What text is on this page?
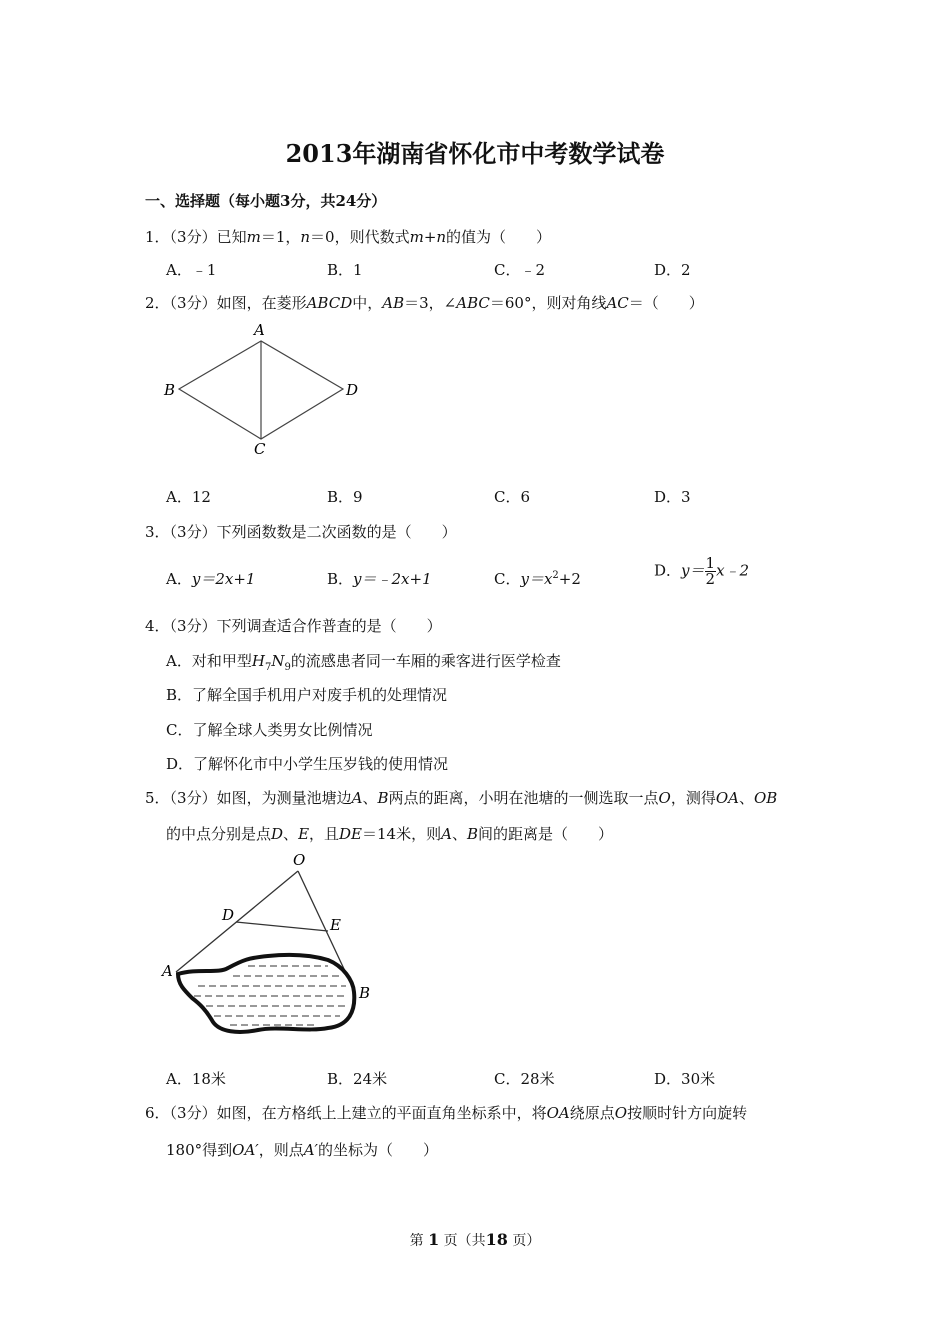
2013年湖南省怀化市中考数学试卷
一、选择题（每小题3分，共24分）
1．（3分）已知m＝1，n＝0，则代数式m+n的值为（　　）
A．﹣1	B．1	C．﹣2	D．2
2．（3分）如图，在菱形ABCD中，AB＝3，∠ABC＝60°，则对角线AC＝（　　）
A
B
C
D
A．12	B．9	C．6	D．3
3．（3分）下列函数数是二次函数的是（　　）
A．y＝2x+1	B．y＝﹣2x+1	C．$y=x^2+2$	D．$y= \frac{1}{2}$ x﹣2
4．（3分）下列调查适合作普查的是（　　）
A．对和甲型$H_7N_9$的流感患者同一车厢的乘客进行医学检查
B．了解全国手机用户对废手机的处理情况
C．了解全球人类男女比例情况
D．了解怀化市中小学生压岁钱的使用情况
5．（3分）如图，为测量池塘边A、B两点的距离，小明在池塘的一侧选取一点O，测得OA、OB
的中点分别是点D、E，且DE＝14米，则A、B间的距离是（　　）
O
D
E
A
B
A．18米	B．24米	C．28米	D．30米
6．（3分）如图，在方格纸上上建立的平面直角坐标系中，将OA绕原点O按顺时针方向旋转
180°得到OA′，则点A′的坐标为（　　）
第 1 页（共18 页）
